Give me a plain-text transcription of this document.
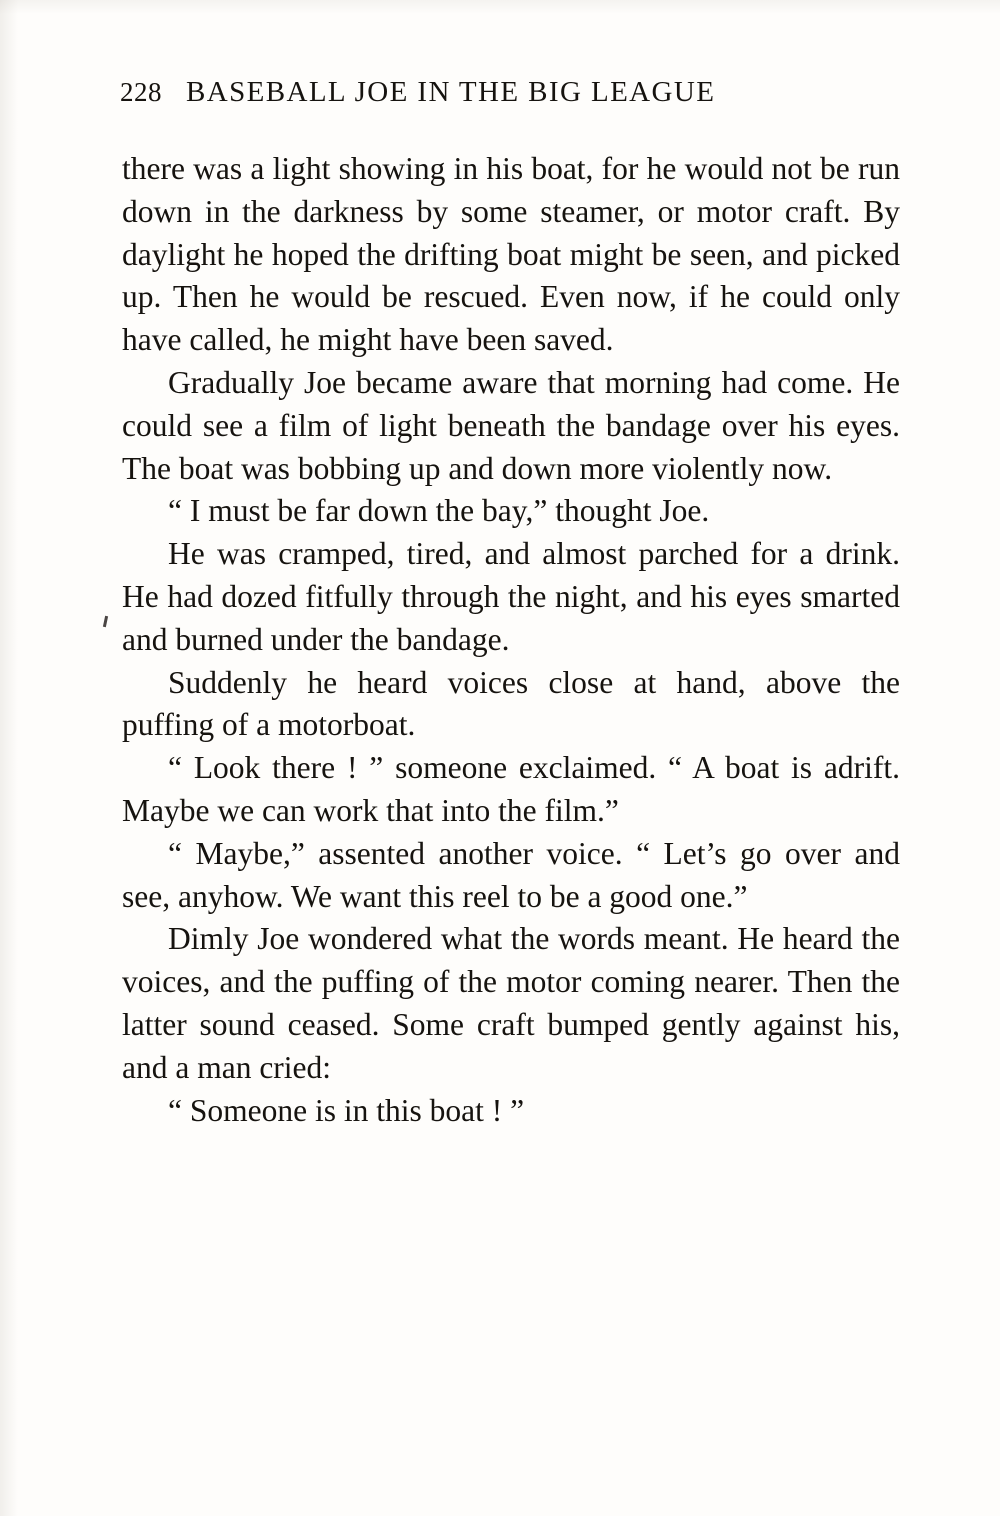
228 BASEBALL JOE IN THE BIG LEAGUE

there was a light showing in his boat, for he would not be run down in the darkness by some steamer, or motor craft. By daylight he hoped the drifting boat might be seen, and picked up. Then he would be rescued. Even now, if he could only have called, he might have been saved.

Gradually Joe became aware that morning had come. He could see a film of light beneath the bandage over his eyes. The boat was bobbing up and down more violently now.

“ I must be far down the bay,” thought Joe.

He was cramped, tired, and almost parched for a drink. He had dozed fitfully through the night, and his eyes smarted and burned under the bandage.

Suddenly he heard voices close at hand, above the puffing of a motorboat.

“ Look there ! ” someone exclaimed. “ A boat is adrift. Maybe we can work that into the film.”

“ Maybe,” assented another voice. “ Let’s go over and see, anyhow. We want this reel to be a good one.”

Dimly Joe wondered what the words meant. He heard the voices, and the puffing of the motor coming nearer. Then the latter sound ceased. Some craft bumped gently against his, and a man cried:

“ Someone is in this boat ! ”
